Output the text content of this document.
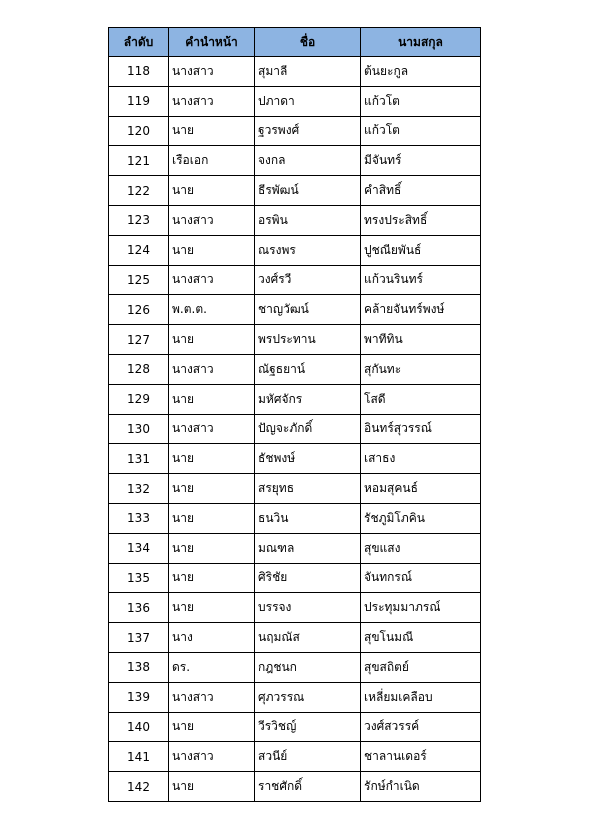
ลำดับ	คำนำหน้า	ชื่อ	นามสกุล
118	นางสาว	สุมาลี	ต้นยะกูล
119	นางสาว	ปภาดา	แก้วโต
120	นาย	ฐวรพงศ์	แก้วโต
121	เรือเอก	จงกล	มีจันทร์
122	นาย	ธีรพัฒน์	คำสิทธิ์
123	นางสาว	อรพิน	ทรงประสิทธิ์
124	นาย	ณรงพร	ปูชณียพันธ์
125	นางสาว	วงศ์รวี	แก้วนรินทร์
126	พ.ต.ต.	ชาญวัฒน์	คล้ายจันทร์พงษ์
127	นาย	พรประทาน	พาทีทิน
128	นางสาว	ณัฐธยาน์	สุกันทะ
129	นาย	มหัศจักร	โสดี
130	นางสาว	ปัญจะภักดิ์	อินทร์สุวรรณ์
131	นาย	ธัชพงษ์	เสาธง
132	นาย	สรยุทธ	หอมสุคนธ์
133	นาย	ธนวิน	รัชภูมิโภคิน
134	นาย	มณฑล	สุขแสง
135	นาย	ศิริชัย	จันทกรณ์
136	นาย	บรรจง	ประทุมมาภรณ์
137	นาง	นฤมณัส	สุขโนมณี
138	ดร.	กฎชนก	สุขสถิตย์
139	นางสาว	ศุภวรรณ	เหลี่ยมเคลือบ
140	นาย	วีรวิชญ์	วงศ์สวรรค์
141	นางสาว	สวนีย์	ชาลานเดอร์
142	นาย	ราชศักดิ์	รักษ์กำเนิด
